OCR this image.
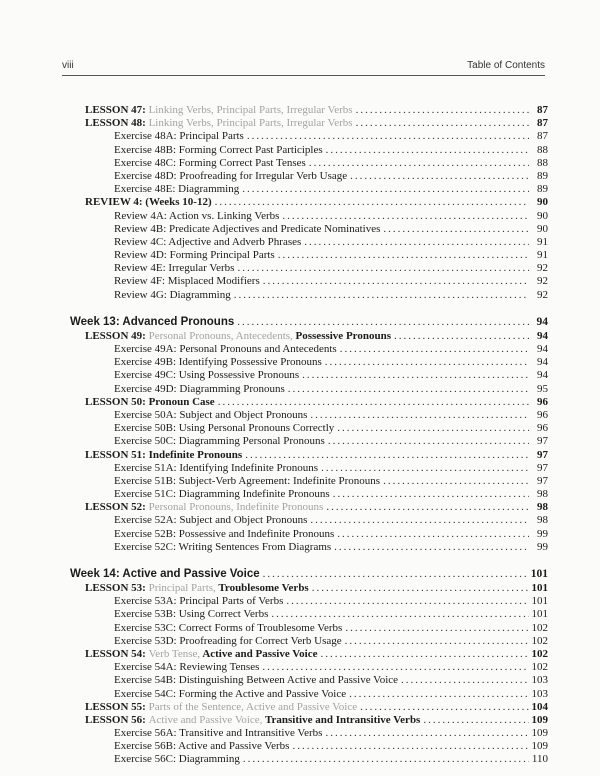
viii	Table of Contents
LESSON 47: Linking Verbs, Principal Parts, Irregular Verbs .....	87
LESSON 48: Linking Verbs, Principal Parts, Irregular Verbs .....	87
Exercise 48A: Principal Parts .....	87
Exercise 48B: Forming Correct Past Participles .....	88
Exercise 48C: Forming Correct Past Tenses .....	88
Exercise 48D: Proofreading for Irregular Verb Usage .....	89
Exercise 48E: Diagramming .....	89
REVIEW 4: (Weeks 10-12) .....	90
Review 4A: Action vs. Linking Verbs .....	90
Review 4B: Predicate Adjectives and Predicate Nominatives .....	90
Review 4C: Adjective and Adverb Phrases .....	91
Review 4D: Forming Principal Parts .....	91
Review 4E: Irregular Verbs .....	92
Review 4F: Misplaced Modifiers .....	92
Review 4G: Diagramming .....	92
Week 13: Advanced Pronouns .....	94
LESSON 49: Personal Pronouns, Antecedents, Possessive Pronouns .....	94
Exercise 49A: Personal Pronouns and Antecedents .....	94
Exercise 49B: Identifying Possessive Pronouns .....	94
Exercise 49C: Using Possessive Pronouns .....	94
Exercise 49D: Diagramming Pronouns .....	95
LESSON 50: Pronoun Case .....	96
Exercise 50A: Subject and Object Pronouns .....	96
Exercise 50B: Using Personal Pronouns Correctly .....	96
Exercise 50C: Diagramming Personal Pronouns .....	97
LESSON 51: Indefinite Pronouns .....	97
Exercise 51A: Identifying Indefinite Pronouns .....	97
Exercise 51B: Subject-Verb Agreement: Indefinite Pronouns .....	97
Exercise 51C: Diagramming Indefinite Pronouns .....	98
LESSON 52: Personal Pronouns, Indefinite Pronouns .....	98
Exercise 52A: Subject and Object Pronouns .....	98
Exercise 52B: Possessive and Indefinite Pronouns .....	99
Exercise 52C: Writing Sentences From Diagrams .....	99
Week 14: Active and Passive Voice .....	101
LESSON 53: Principal Parts, Troublesome Verbs .....	101
Exercise 53A: Principal Parts of Verbs .....	101
Exercise 53B: Using Correct Verbs .....	101
Exercise 53C: Correct Forms of Troublesome Verbs .....	102
Exercise 53D: Proofreading for Correct Verb Usage .....	102
LESSON 54: Verb Tense, Active and Passive Voice .....	102
Exercise 54A: Reviewing Tenses .....	102
Exercise 54B: Distinguishing Between Active and Passive Voice .....	103
Exercise 54C: Forming the Active and Passive Voice .....	103
LESSON 55: Parts of the Sentence, Active and Passive Voice .....	104
LESSON 56: Active and Passive Voice, Transitive and Intransitive Verbs .....	109
Exercise 56A: Transitive and Intransitive Verbs .....	109
Exercise 56B: Active and Passive Verbs .....	109
Exercise 56C: Diagramming .....	110
